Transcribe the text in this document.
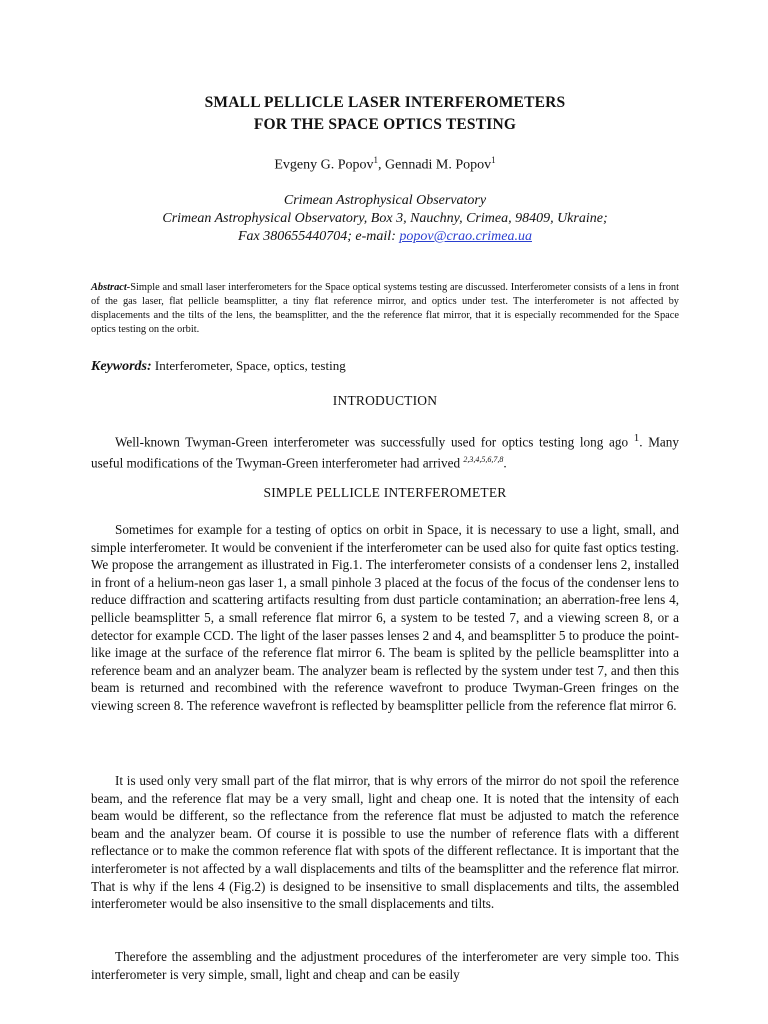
SMALL PELLICLE LASER INTERFEROMETERS
FOR THE SPACE OPTICS TESTING
Evgeny G. Popov$^1$, Gennadi M. Popov$^1$
Crimean Astrophysical Observatory
Crimean Astrophysical Observatory, Box 3, Nauchny, Crimea, 98409, Ukraine;
Fax 380655440704; e-mail: popov@crao.crimea.ua
Abstract-Simple and small laser interferometers for the Space optical systems testing are discussed. Interferometer consists of a lens in front of the gas laser, flat pellicle beamsplitter, a tiny flat reference mirror, and optics under test. The interferometer is not affected by displacements and the tilts of the lens, the beamsplitter, and the the reference flat mirror, that it is especially recommended for the Space optics testing on the orbit.
Keywords: Interferometer, Space, optics, testing
INTRODUCTION
Well-known Twyman-Green interferometer was successfully used for optics testing long ago $^1$. Many useful modifications of the Twyman-Green interferometer had arrived $^{2,3,4,5,6,7,8}$.
SIMPLE PELLICLE INTERFEROMETER
Sometimes for example for a testing of optics on orbit in Space, it is necessary to use a light, small, and simple interferometer. It would be convenient if the interferometer can be used also for quite fast optics testing. We propose the arrangement as illustrated in Fig.1. The interferometer consists of a condenser lens 2, installed in front of a helium-neon gas laser 1, a small pinhole 3 placed at the focus of the focus of the condenser lens to reduce diffraction and scattering artifacts resulting from dust particle contamination; an aberration-free lens 4, pellicle beamsplitter 5, a small reference flat mirror 6, a system to be tested 7, and a viewing screen 8, or a detector for example CCD. The light of the laser passes lenses 2 and 4, and beamsplitter 5 to produce the point-like image at the surface of the reference flat mirror 6. The beam is splited by the pellicle beamsplitter into a reference beam and an analyzer beam. The analyzer beam is reflected by the system under test 7, and then this beam is returned and recombined with the reference wavefront to produce Twyman-Green fringes on the viewing screen 8. The reference wavefront is reflected by beamsplitter pellicle from the reference flat mirror 6.
It is used only very small part of the flat mirror, that is why errors of the mirror do not spoil the reference beam, and the reference flat may be a very small, light and cheap one. It is noted that the intensity of each beam would be different, so the reflectance from the reference flat must be adjusted to match the reference beam and the analyzer beam. Of course it is possible to use the number of reference flats with a different reflectance or to make the common reference flat with spots of the different reflectance. It is important that the interferometer is not affected by a wall displacements and tilts of the beamsplitter and the reference flat mirror. That is why if the lens 4 (Fig.2) is designed to be insensitive to small displacements and tilts, the assembled interferometer would be also insensitive to the small displacements and tilts.
Therefore the assembling and the adjustment procedures of the interferometer are very simple too. This interferometer is very simple, small, light and cheap and can be easily
